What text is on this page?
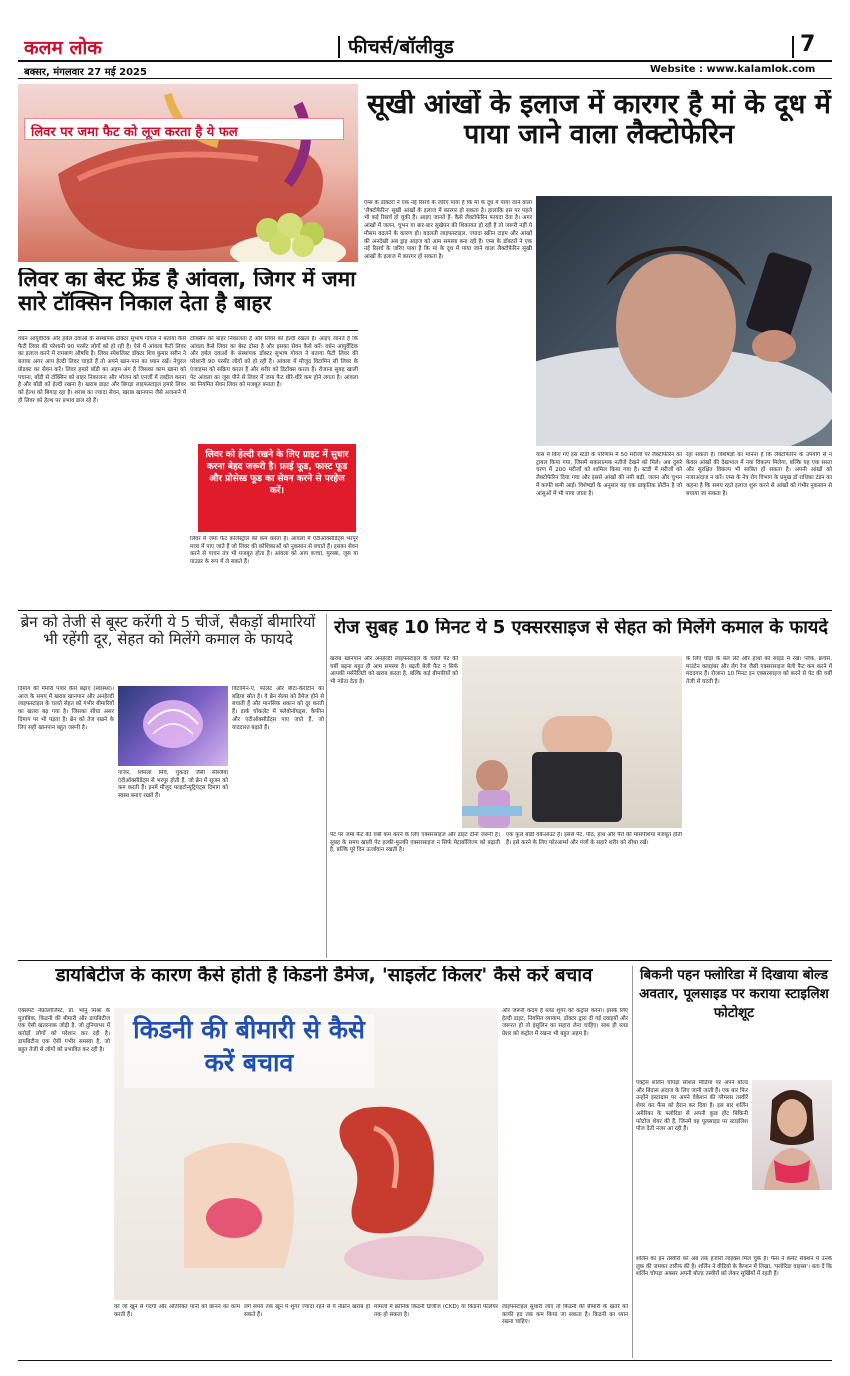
कलम लोक	फीचर्स/बॉलीवुड	7
बक्सर, मंगलवार 27 मई 2025	Website : www.kalamlok.com
लिवर पर जमा फैट को लूज करता है ये फल
लिवर का बेस्ट फ्रेंड है आंवला, जिगर में जमा सारे टॉक्सिन निकाल देता है बाहर
वर्धन आयुर्वेदिक और हर्बल दवाओं के संस्थापक डॉक्टर सुभाष गोयल ने बताया कैसे फैटी लिवर की परेशानी 90 परसेंट लोगों को हो रही है। ऐसे में आंवला फैटी लिवर का इलाज करने में रामबाण औषधि है। लिवर स्पेशलिस्ट डॉक्टर शिव कुमार सरीन ने बताया अगर आप हेल्दी लिवर चाहते हैं तो अपने खान-पान का ध्यान रखें। नेचुरल प्रोडक्ट का सेवन करें। लिवर हमारे बॉडी का अहम अंग है जिसका काम खाना को पचाना, बॉडी से टॉक्सिन को बाहर निकालना और भोजन को एनर्जी में तब्दील करना है और बॉडी को हेल्दी रखना है। खराब डाइट और बिगड़ा लाइफस्टाइल हमारे लिवर को हेल्थ को बिगाड़ रहा है। शराब का ज्यादा सेवन, खराब खानपान जैसे अजनाने में ही लिवर को हेल्थ पर प्रभाव डाल रहे हैं।
टॉक्सिन को बाहर निकालता है और लिवर को हेल्दी रखता है। आइए जानते हैं कि आंवला कैसे लिवर का बेस्ट दोस्त है और इसका सेवन कैसे करें। वर्धन आयुर्वेदिक और हर्बल दवाओं के संस्थापक डॉक्टर सुभाष गोयल ने बताया फैटी लिवर की परेशानी 90 परसेंट लोगों को हो रही है। आंवला में मौजूद विटामिन सी लिवर के एंजाइम्स को सक्रिय करता है और शरीर को डिटॉक्स करता है। रोजाना सुबह खाली पेट आंवला का जूस पीने से लिवर में जमा फैट धीरे-धीरे कम होने लगता है। आंवला का नियमित सेवन लिवर को मजबूत बनाता है।
लिवर को हेल्दी रखने के लिए ग्राइट में सुधार करना बेहद जरूरी है। फ्राई फूड, फास्ट फूड और प्रोसेस्ड फूड का सेवन करने से परहेज करें।
लिवर में जमा फैट कोलेस्ट्रॉल को कम करता है। आंवला में एंटीऑक्सीडेंट्स भरपूर मात्रा में पाए जाते हैं जो लिवर की कोशिकाओं को नुकसान से बचाते हैं। इसका सेवन करने से पाचन तंत्र भी मजबूत होता है। आंवला को आप कच्चा, मुरब्बा, जूस या पाउडर के रूप में ले सकते हैं।
सूखी आंखों के इलाज में कारगर है मां के दूध में पाया जाने वाला लैक्टोफेरिन
एम्स के डॉक्टरों ने एक नई रिसर्च के जरिए पाया है कि मां के दूध में पाया जाने वाला 'लैक्टोफेरिन' सूखी आंखों के इलाज में कारगर हो सकता है। हालांकि इस पर पहले भी कई रिसर्च हो चुकी हैं। आइए जानते हैं- कैसे लैक्टोफेरिन फायदा देता है। अगर आंखों में जलन, चुभन या बार-बार सूखेपन की शिकायत हो रही है तो जरूरी नहीं ये मौसम बदलने के कारण हो। बदलती लाइफस्टाइल, ज्यादा स्क्रीन टाइम और आंखों की अनदेखी अब ड्राइ आइज को आम समस्या बना रही है। एम्स के डॉक्टरों ने एक नई रिसर्च के जरिए पाया है कि मां के दूध में पाया जाने वाला लैक्टोफेरिन सूखी आंखों के इलाज में कारगर हो सकता है।
यास में किए गए इस स्टडी के परिणाम में 50 मरीजों पर लैक्टोफेरिन का ट्रायल किया गया, जिसमें सकारात्मक नतीजे देखने को मिले। अब दुसरे चरण में 200 मरीजों को शामिल किया गया है। स्टडी में मरीजों को लैक्टोफेरिन दिया गया और इससे आंखों की नमी बढ़ी, जलन और चुभन में काफी कमी आई। विशेषज्ञों के अनुसार यह एक प्राकृतिक प्रोटीन है जो आंसुओं में भी पाया जाता है।
रहा सकता है। विशेषज्ञों का मानना है कि लैक्टोफेरिन के उपयोग से न केवल आंखों की देखभाल में नया विकल्प मिलेगा, बल्कि यह एक सस्ता और सुरक्षित विकल्प भी साबित हो सकता है। अपनी आंखों को नजरअंदाज न करें। एम्स के नेत्र रोग विभाग के प्रमुख डॉ राधिका टंडन का कहना है कि समय रहते इलाज शुरू करने से आंखों को गंभीर नुकसान से बचाया जा सकता है।
ब्रेन को तेजी से बूस्ट करेंगी ये 5 चीजें, सैकड़ों बीमारियों भी रहेंगी दूर, सेहत को मिलेंगे कमाल के फायदे
दिमाग की मेमोरी पावर कैसे बढ़ाएं (स्वास्थ्य)। आज के समय में खराब खानपान और अनहेल्दी लाइफस्टाइल के चलते सेहत को गंभीर बीमारियों का खतरा बढ़ गया है। जिसका सीधा असर दिमाग पर भी पड़ता है। ब्रेन को तेज रखने के लिए सही खानपान बहुत जरूरी है।
गाजर, शिमला मिर्च, चुकंदर जैसी सब्जियां एंटीऑक्सीडेंट्स से भरपूर होती हैं, जो ब्रेन में सूजन को कम करती हैं। इनमें मौजूद फाइटोन्यूट्रिएंट्स दिमाग को स्वस्थ बनाए रखते हैं।
विटामिन-ए, फोलेट और बीटा-कैरोटीन का बढ़िया स्रोत है। ये ब्रेन सेल्स को डैमेज होने से बचाती हैं और मानसिक थकान को दूर करती हैं। डार्क चॉकलेट में फ्लेवोनॉयड्स, कैफीन और एंटीऑक्सीडेंट्स पाए जाते हैं, जो याददाश्त बढ़ाते हैं।
रोज सुबह 10 मिनट ये 5 एक्सरसाइज से सेहत को मिलेंगे कमाल के फायदे
खराब खानपान और अनहेल्दी लाइफस्टाइल के चलते पेट की चर्बी बढ़ना बहुत ही आम समस्या है। बढ़ती बेली फैट न सिर्फ आपकी पर्सनैलिटी को खराब करता है, बल्कि कई बीमारियों को भी न्योता देता है।
के लिए घोड़ा के बल लेटें और हाथों को साइड में रखें। प्लैंक, क्रंचेस, माउंटेन क्लाइंबर और लेग रेज जैसी एक्सरसाइज बेली फैट कम करने में मददगार हैं। रोजाना 10 मिनट इन एक्सरसाइज को करने से पेट की चर्बी तेजी से घटती है।
पेट पर जमा फैट की चर्बी कम करने के लिए एक्सरसाइज और डाइट दोनों जरूरी हैं। सुबह के समय खाली पेट हल्की-फुल्की एक्सरसाइज न सिर्फ मेटाबॉलिज्म को बढ़ाती है, बल्कि पूरे दिन ऊर्जावान रखती है।
एक फुल बॉडी वर्कआउट है। इससे पेट, पीठ, हाथ और पैरों की मांसपेशियां मजबूत होती हैं। इसे करने के लिए फोरआर्म्स और पंजों के सहारे शरीर को सीधा रखें।
डायबिटीज के कारण कैसे होती है किडनी डैमेज, 'साइलेंट किलर' कैसे करें बचाव
एक्सपर्ट नेफ्रोलॉजिस्ट, डॉ. भानु मिश्रा के मुताबिक, किडनी की बीमारी और डायबिटीज एक ऐसी खतरनाक जोड़ी है, जो दुनियाभर में करोड़ों लोगों को परेशान कर रही है। डायबिटीज एक ऐसी गंभीर समस्या है, जो बहुत तेजी से लोगों को प्रभावित कर रही है।
किडनी की बीमारी से कैसे करें बचाव
को जो खून से गंदगी और अतिरिक्त पानी को छानने का काम करती हैं।
लगे समय तक खून में शुगर ज्यादा रहने से ये नेफ्रॉन खराब हो सकते हैं।
मामलों में क्रॉनिक किडनी डिजीज (CKD) या किडनी फेलियर तक हो सकता है।
और जरूरी कदम है ब्लड शुगर को कंट्रोल करना। इसके लिए हेल्दी डाइट, नियमित व्यायाम, डॉक्टर द्वारा दी गई दवाइयों और जरूरत हो तो इंसुलिन का सहारा लेना चाहिए। साथ ही ब्लड प्रेशर को कंट्रोल में रखना भी बहुत अहम है।
लाइफस्टाइल सुधारी जाए तो किडनी की बीमारी के खतरे को काफी हद तक कम किया जा सकता है। किडनी का ध्यान रखना चाहिए।
बिकनी पहन फ्लोरिडा में दिखाया बोल्ड अवतार, पूलसाइड पर कराया स्टाइलिश फोटोशूट
एक्ट्रेस शर्लिन चोपड़ा सोशल मीडिया पर अपने बोल्ड और बिंदास अंदाज के लिए जानी जाती हैं। एक बार फिर उन्होंने इंस्टाग्राम पर अपने वेकेशन की ग्लैमरस तस्वीरें शेयर कर फैंस को हैरान कर दिया है। इस बार शर्लिन अमेरिका के फ्लोरिडा से अपनी कुछ हॉट बिकिनी फोटोज शेयर की हैं, जिनमें वह पूलसाइड पर स्टाइलिश पोज देती नजर आ रही हैं।
शर्लिन का इन तस्वीरों को अब तक हजारों लाइक्स मिल चुके हैं। फैंस ने कमेंट सेक्शन में उनके लुक की जमकर तारीफ की है। शर्लिन ने वीडियो के कैप्शन में लिखा, 'फ्लोरिडा वाइब्स'। बता दें कि शर्लिन चोपड़ा अक्सर अपनी बोल्ड तस्वीरों को लेकर सुर्खियों में रहती हैं।
